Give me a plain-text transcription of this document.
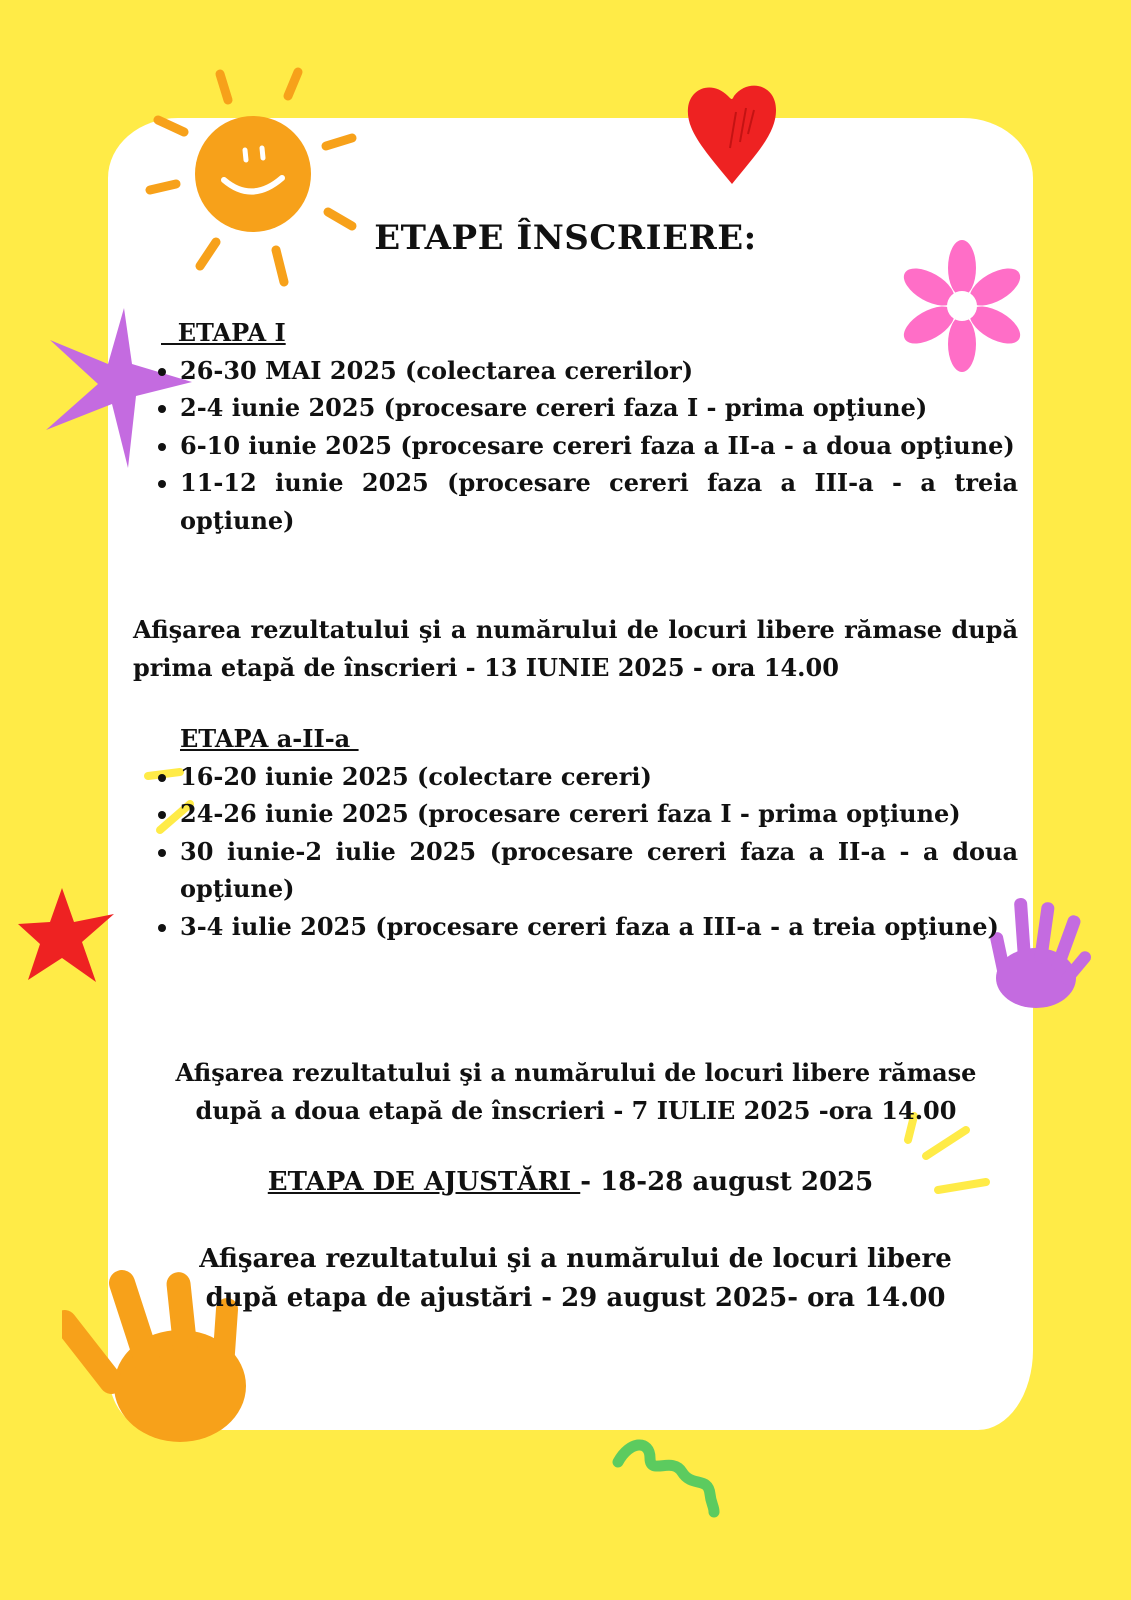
ETAPE ÎNSCRIERE:
ETAPA I
• 26-30 MAI 2025 (colectarea cererilor)
• 2-4 iunie 2025 (procesare cereri faza I - prima opţiune)
• 6-10 iunie 2025 (procesare cereri faza a II-a - a doua opţiune)
• 11-12 iunie 2025 (procesare cereri faza a III-a - a treia opţiune)
Afişarea rezultatului şi a numărului de locuri libere rămase după prima etapă de înscrieri - 13 IUNIE 2025 - ora 14.00
ETAPA a-II-a
• 16-20 iunie 2025 (colectare cereri)
• 24-26 iunie 2025 (procesare cereri faza I - prima opţiune)
• 30 iunie-2 iulie 2025 (procesare cereri faza a II-a - a doua opţiune)
• 3-4 iulie 2025 (procesare cereri faza a III-a - a treia opţiune)
Afişarea rezultatului şi a numărului de locuri libere rămase
după a doua etapă de înscrieri - 7 IULIE 2025 -ora 14.00
ETAPA DE AJUSTĂRI - 18-28 august 2025
Afişarea rezultatului şi a numărului de locuri libere
după etapa de ajustări - 29 august 2025- ora 14.00
